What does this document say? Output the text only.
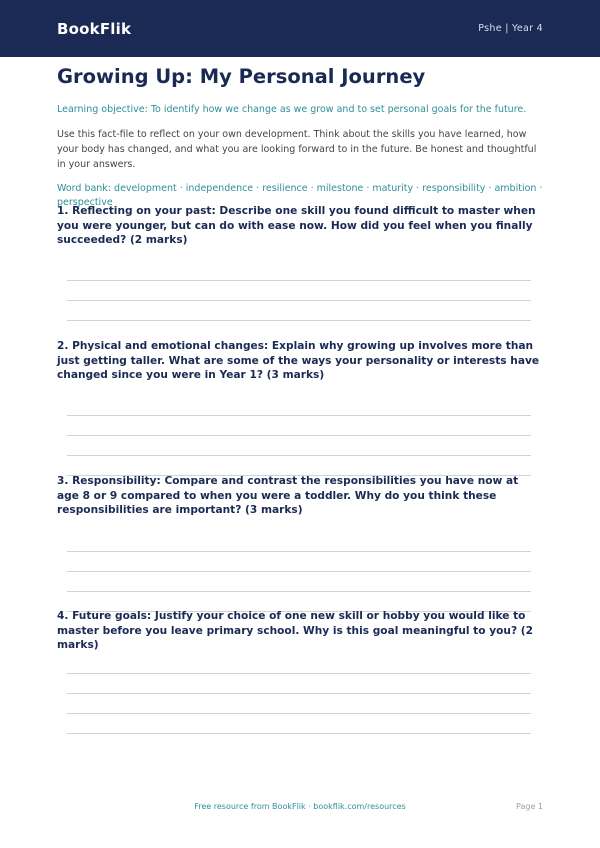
BookFlik	Pshe | Year 4
Growing Up: My Personal Journey

Learning objective: To identify how we change as we grow and to set personal goals for the future.

Use this fact-file to reflect on your own development. Think about the skills you have learned, how your body has changed, and what you are looking forward to in the future. Be honest and thoughtful in your answers.

Word bank: development · independence · resilience · milestone · maturity · responsibility · ambition · perspective

1. Reflecting on your past: Describe one skill you found difficult to master when you were younger, but can do with ease now. How did you feel when you finally succeeded? (2 marks)

2. Physical and emotional changes: Explain why growing up involves more than just getting taller. What are some of the ways your personality or interests have changed since you were in Year 1? (3 marks)

3. Responsibility: Compare and contrast the responsibilities you have now at age 8 or 9 compared to when you were a toddler. Why do you think these responsibilities are important? (3 marks)

4. Future goals: Justify your choice of one new skill or hobby you would like to master before you leave primary school. Why is this goal meaningful to you? (2 marks)

Free resource from BookFlik · bookflik.com/resources	Page 1
